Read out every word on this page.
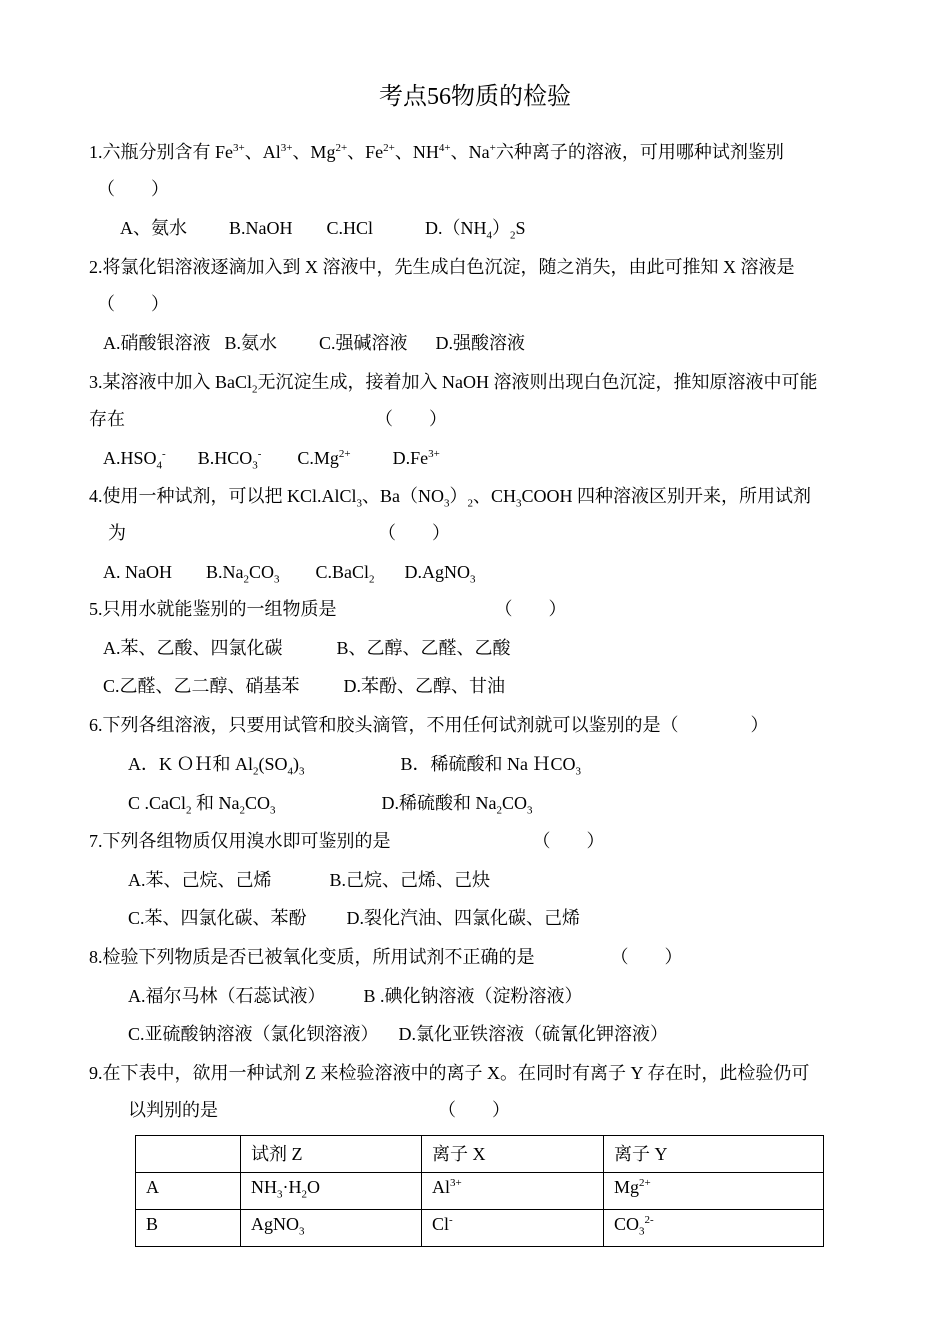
考点56物质的检验
1.六瓶分别含有 $Fe^{3+}$、$Al^{3+}$、$Mg^{2+}$、$Fe^{2+}$、$NH^{4+}$、Na+六种离子的溶液，可用哪种试剂鉴别
（　　）
A、氨水 B.NaOH C.HCl	$D.(NH_4)_2S$
2.将氯化铝溶液逐滴加入到 X 溶液中，先生成白色沉淀，随之消失，由此可推知 X 溶液是
（　　）
A.硝酸银溶液 B.氨水 C.强碱溶液 D.强酸溶液
3.某溶液中加入 BaCl$_2$无沉淀生成，接着加入 NaOH 溶液则出现白色沉淀，推知原溶液中可能
存在	（　　）
$A.HSO_4^-$ $B.HCO_3^-$ $C.Mg^{2+}$ $D.Fe^{3+}$
4.使用一种试剂，可以把 KCl.AlCl$_3$、$Ba(NO_3)_2$、$CH_3COOH$ 四种溶液区别开来，所用试剂
为	（　　）
A. NaOH $B.Na_2CO_3$ C.BaCl$_2$ D.AgNO$_3$
5.只用水就能鉴别的一组物质是	（　　）
A.苯、乙酸、四氯化碳	B、乙醇、乙醛、乙酸
C.乙醛、乙二醇、硝基苯 D.苯酚、乙醇、甘油
6.下列各组溶液，只要用试管和胶头滴管，不用任何试剂就可以鉴别的是（　　　　）
A．K ＯＨ和 $Al_2(SO_4)_3$	B．稀硫酸和 Na ＨCO$_3$
C .CaCl$_2$ 和 $Na_2CO_3$	D.稀硫酸和 $Na_2CO_3$
7.下列各组物质仅用溴水即可鉴别的是	（　　）
A.苯、己烷、己烯	B.己烷、己烯、己炔
C.苯、四氯化碳、苯酚 D.裂化汽油、四氯化碳、己烯
8.检验下列物质是否已被氧化变质，所用试剂不正确的是	（　　）
A.福尔马林（石蕊试液） B .碘化钠溶液（淀粉溶液）
C.亚硫酸钠溶液（氯化钡溶液） D.氯化亚铁溶液（硫氰化钾溶液）
9.在下表中，欲用一种试剂 Z 来检验溶液中的离子 X。在同时有离子 Y 存在时，此检验仍可
以判别的是	（　　）
	试剂 Z	离子 X	离子 Y
A	$NH_3\cdot H_2O$	$Al^{3+}$	$Mg^{2+}$
B	AgNO$_3$	Cl-	$CO_3^{2-}$
